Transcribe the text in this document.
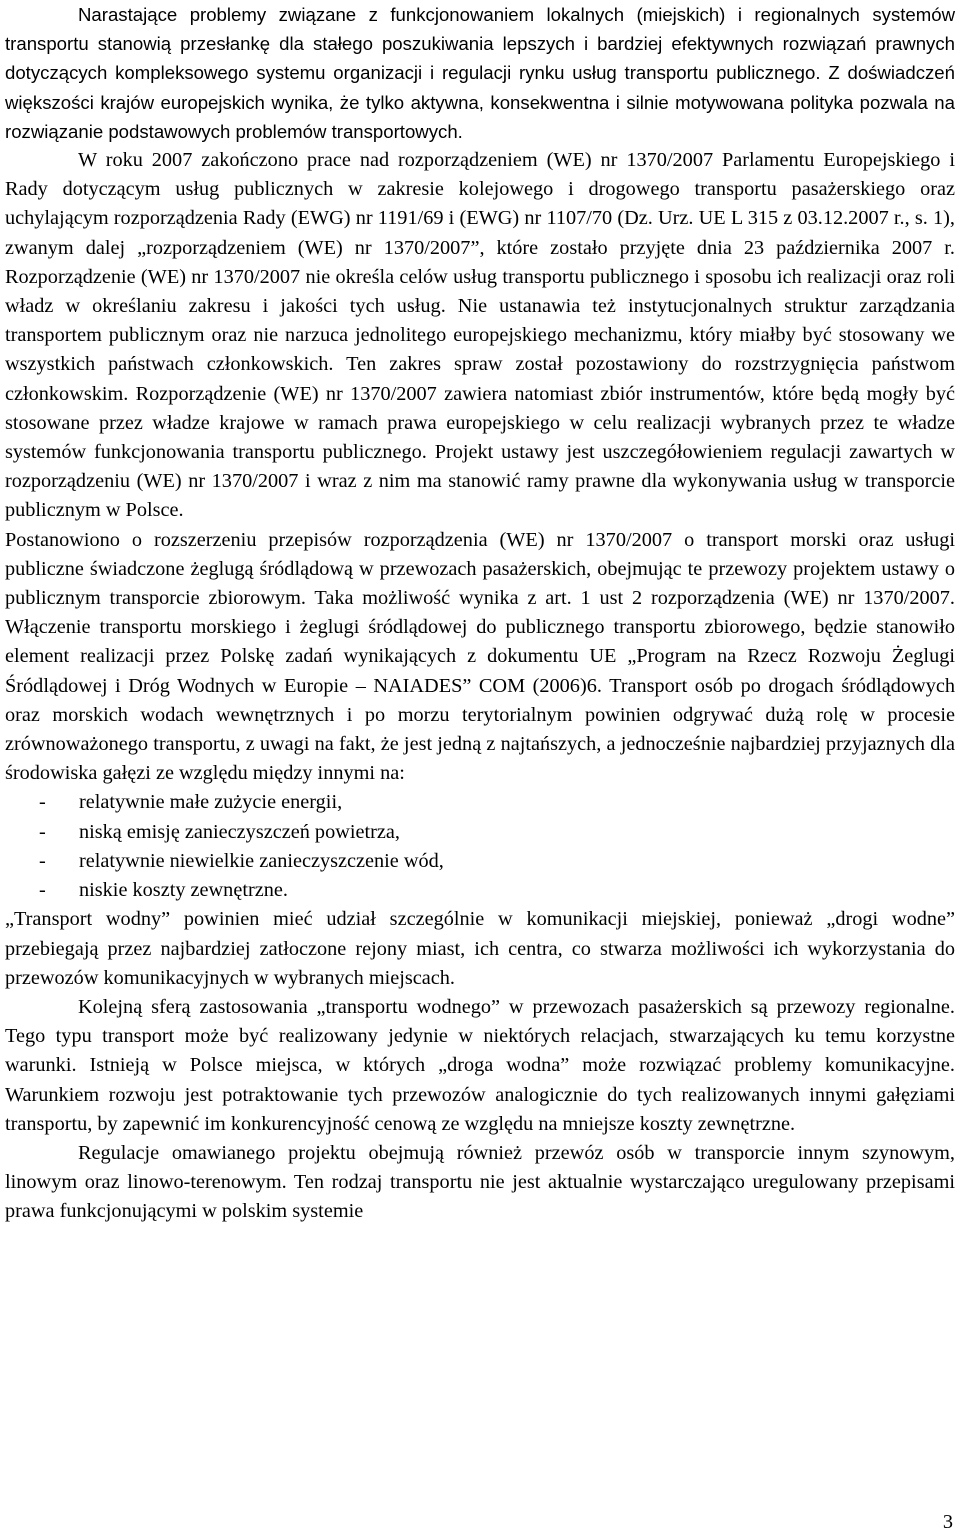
Narastające problemy związane z funkcjonowaniem lokalnych (miejskich) i regionalnych systemów transportu stanowią przesłankę dla stałego poszukiwania lepszych i bardziej efektywnych rozwiązań prawnych dotyczących kompleksowego systemu organizacji i regulacji rynku usług transportu publicznego. Z doświadczeń większości krajów europejskich wynika, że tylko aktywna, konsekwentna i silnie motywowana polityka pozwala na rozwiązanie podstawowych problemów transportowych.

W roku 2007 zakończono prace nad rozporządzeniem (WE) nr 1370/2007 Parlamentu Europejskiego i Rady dotyczącym usług publicznych w zakresie kolejowego i drogowego transportu pasażerskiego oraz uchylającym rozporządzenia Rady (EWG) nr 1191/69 i (EWG) nr 1107/70 (Dz. Urz. UE L 315 z 03.12.2007 r., s. 1), zwanym dalej „rozporządzeniem (WE) nr 1370/2007”, które zostało przyjęte dnia 23 października 2007 r. Rozporządzenie (WE) nr 1370/2007 nie określa celów usług transportu publicznego i sposobu ich realizacji oraz roli władz w określaniu zakresu i jakości tych usług. Nie ustanawia też instytucjonalnych struktur zarządzania transportem publicznym oraz nie narzuca jednolitego europejskiego mechanizmu, który miałby być stosowany we wszystkich państwach członkowskich. Ten zakres spraw został pozostawiony do rozstrzygnięcia państwom członkowskim. Rozporządzenie (WE) nr 1370/2007 zawiera natomiast zbiór instrumentów, które będą mogły być stosowane przez władze krajowe w ramach prawa europejskiego w celu realizacji wybranych przez te władze systemów funkcjonowania transportu publicznego. Projekt ustawy jest uszczegółowieniem regulacji zawartych w rozporządzeniu (WE) nr 1370/2007 i wraz z nim ma stanowić ramy prawne dla wykonywania usług w transporcie publicznym w Polsce.

Postanowiono o rozszerzeniu przepisów rozporządzenia (WE) nr 1370/2007 o transport morski oraz usługi publiczne świadczone żeglugą śródlądową w przewozach pasażerskich, obejmując te przewozy projektem ustawy o publicznym transporcie zbiorowym. Taka możliwość wynika z art. 1 ust 2 rozporządzenia (WE) nr 1370/2007. Włączenie transportu morskiego i żeglugi śródlądowej do publicznego transportu zbiorowego, będzie stanowiło element realizacji przez Polskę zadań wynikających z dokumentu UE „Program na Rzecz Rozwoju Żeglugi Śródlądowej i Dróg Wodnych w Europie – NAIADES” COM (2006)6. Transport osób po drogach śródlądowych oraz morskich wodach wewnętrznych i po morzu terytorialnym powinien odgrywać dużą rolę w procesie zrównoważonego transportu, z uwagi na fakt, że jest jedną z najtańszych, a jednocześnie najbardziej przyjaznych dla środowiska gałęzi ze względu między innymi na:

- relatywnie małe zużycie energii,
- niską emisję zanieczyszczeń powietrza,
- relatywnie niewielkie zanieczyszczenie wód,
- niskie koszty zewnętrzne.

„Transport wodny” powinien mieć udział szczególnie w komunikacji miejskiej, ponieważ „drogi wodne” przebiegają przez najbardziej zatłoczone rejony miast, ich centra, co stwarza możliwości ich wykorzystania do przewozów komunikacyjnych w wybranych miejscach.

Kolejną sferą zastosowania „transportu wodnego” w przewozach pasażerskich są przewozy regionalne. Tego typu transport może być realizowany jedynie w niektórych relacjach, stwarzających ku temu korzystne warunki. Istnieją w Polsce miejsca, w których „droga wodna” może rozwiązać problemy komunikacyjne. Warunkiem rozwoju jest potraktowanie tych przewozów analogicznie do tych realizowanych innymi gałęziami transportu, by zapewnić im konkurencyjność cenową ze względu na mniejsze koszty zewnętrzne.

Regulacje omawianego projektu obejmują również przewóz osób w transporcie innym szynowym, linowym oraz linowo-terenowym. Ten rodzaj transportu nie jest aktualnie wystarczająco uregulowany przepisami prawa funkcjonującymi w polskim systemie

3
